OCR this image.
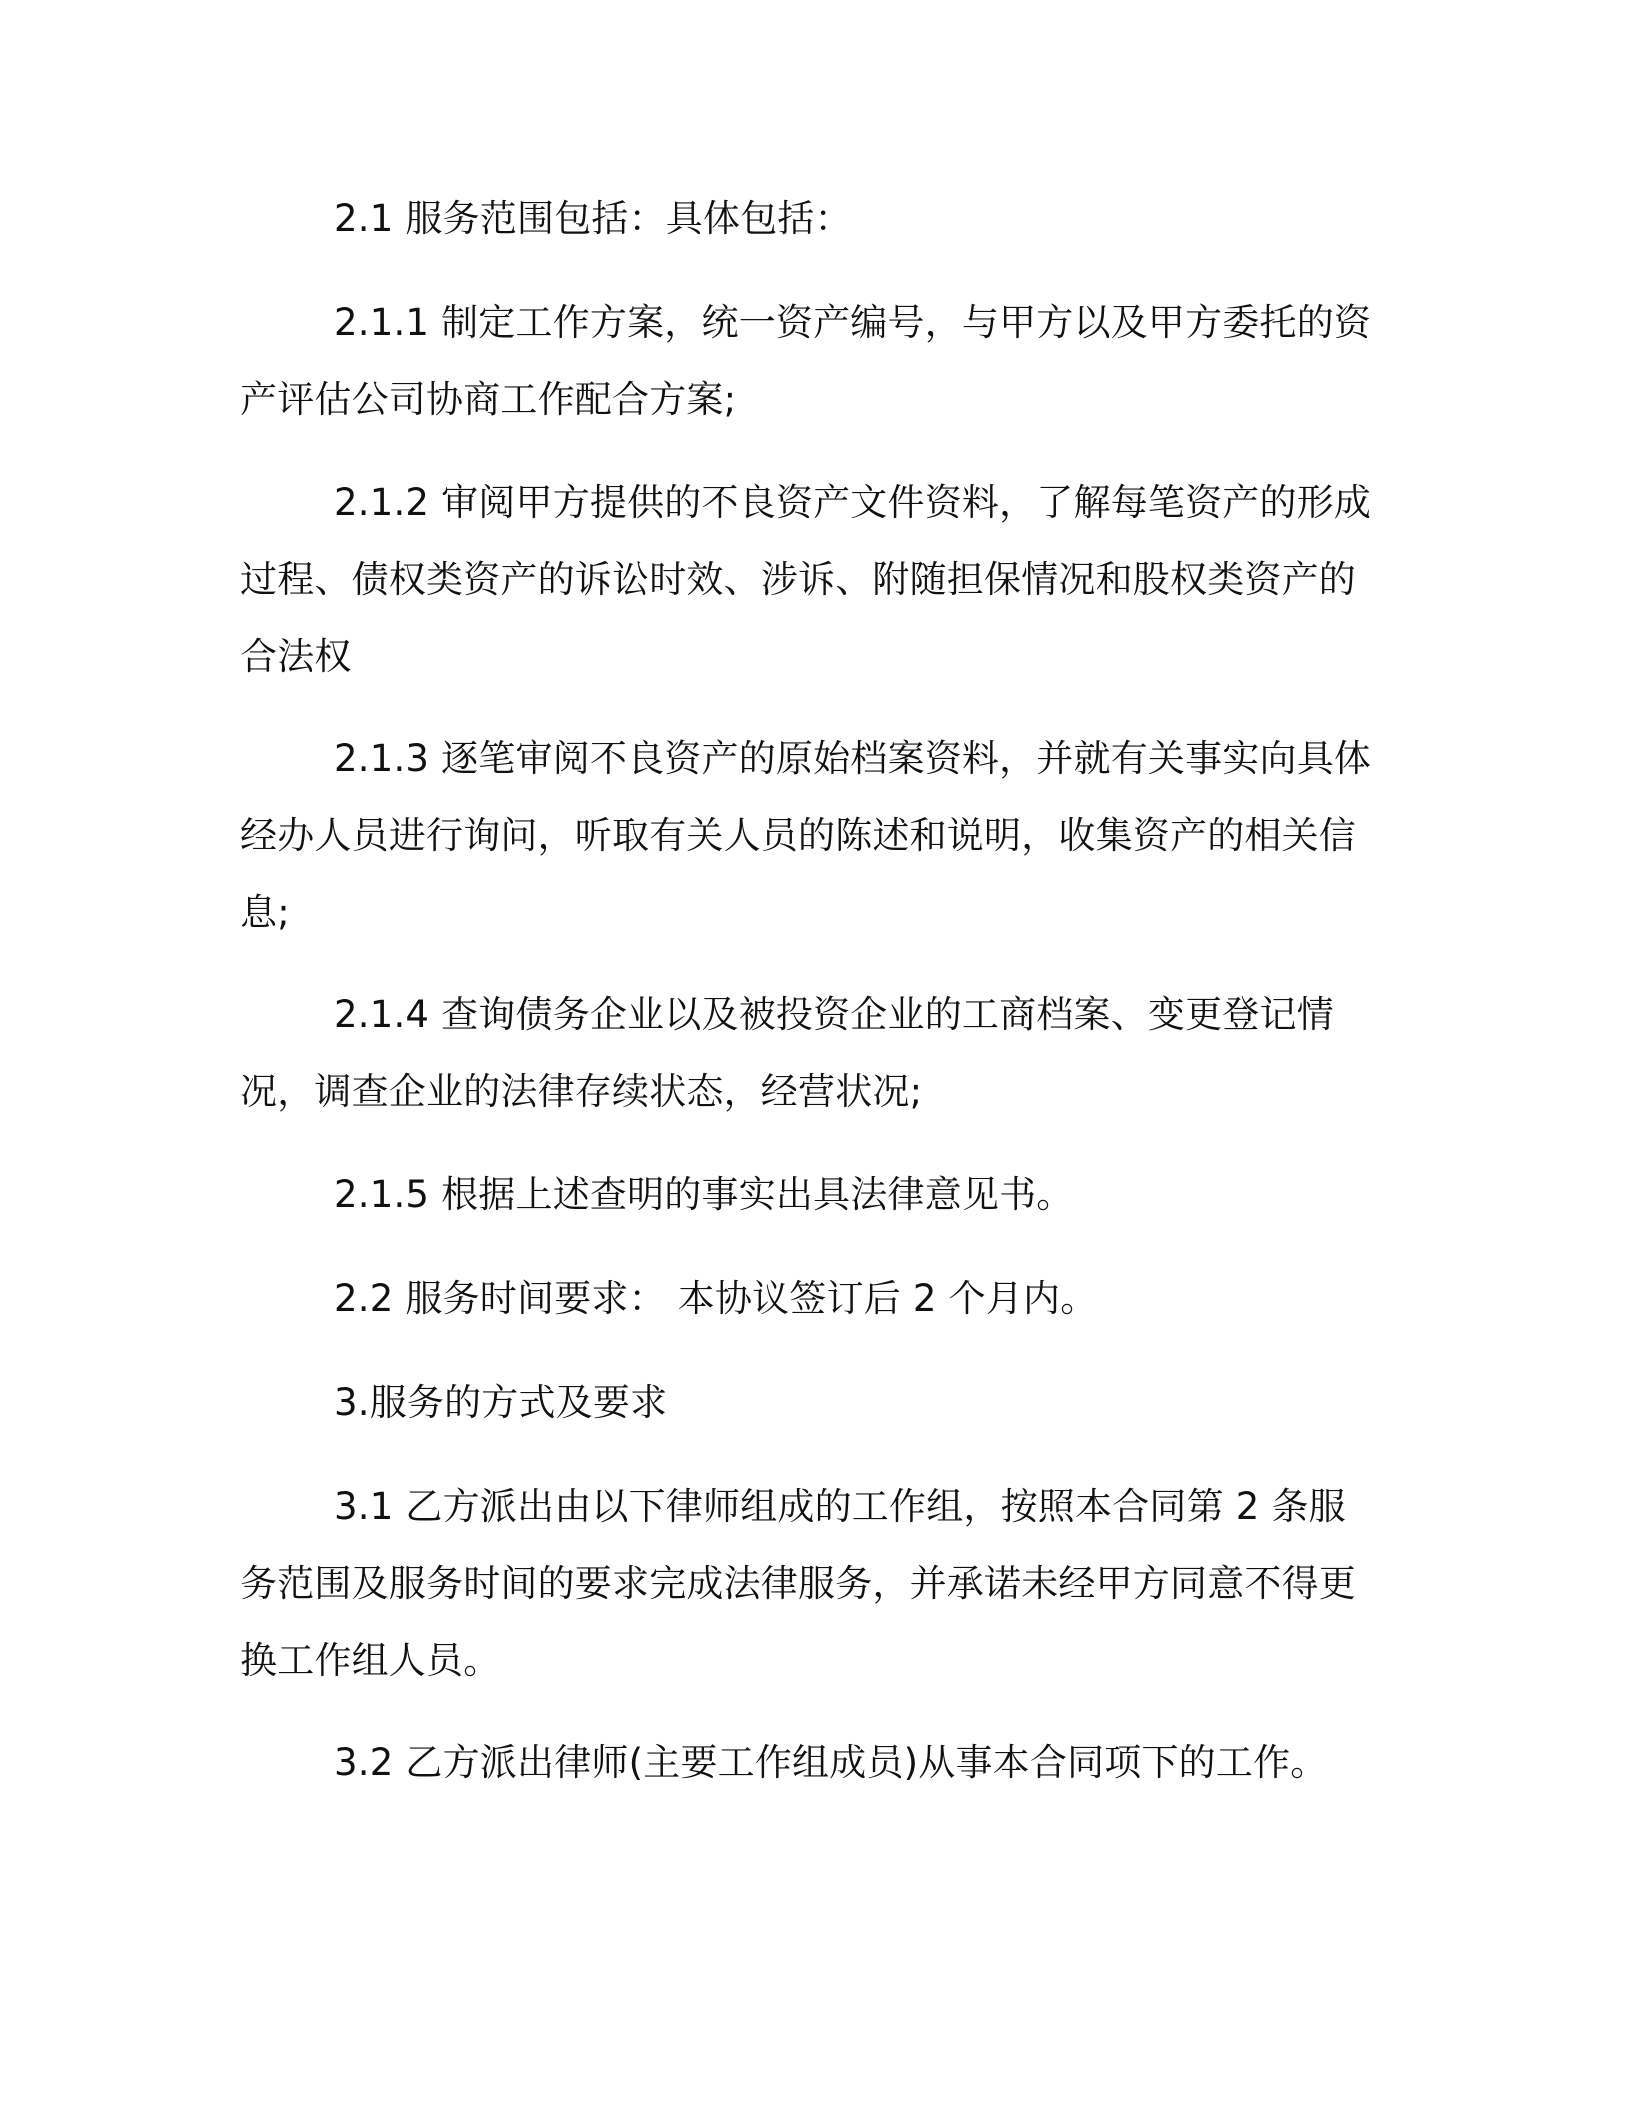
2.1 服务范围包括：具体包括：

2.1.1 制定工作方案，统一资产编号，与甲方以及甲方委托的资产评估公司协商工作配合方案;

2.1.2 审阅甲方提供的不良资产文件资料，了解每笔资产的形成过程、债权类资产的诉讼时效、涉诉、附随担保情况和股权类资产的合法权

2.1.3 逐笔审阅不良资产的原始档案资料，并就有关事实向具体经办人员进行询问，听取有关人员的陈述和说明，收集资产的相关信息;

2.1.4 查询债务企业以及被投资企业的工商档案、变更登记情况，调查企业的法律存续状态，经营状况;

2.1.5 根据上述查明的事实出具法律意见书。

2.2 服务时间要求： 本协议签订后 2 个月内。

3.服务的方式及要求

3.1 乙方派出由以下律师组成的工作组，按照本合同第 2 条服务范围及服务时间的要求完成法律服务，并承诺未经甲方同意不得更换工作组人员。

3.2 乙方派出律师(主要工作组成员)从事本合同项下的工作。
